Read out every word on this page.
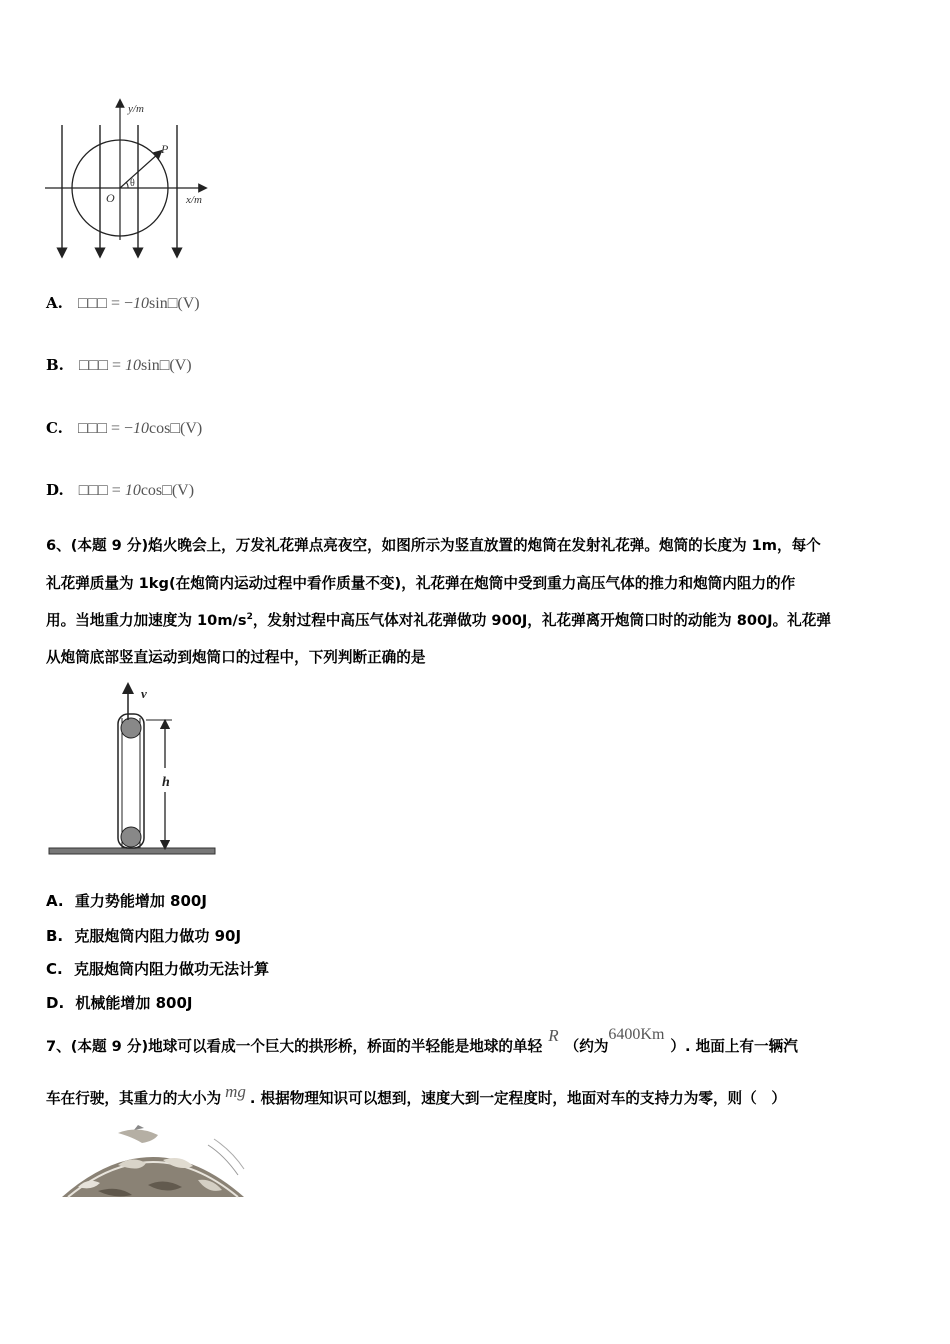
y/m
x/m
O
P
θ
A. □□□ = −10sin□(V)
B. □□□ = 10sin□(V)
C. □□□ = −10cos□(V)
D. □□□ = 10cos□(V)
6、(本题 9 分)焰火晚会上，万发礼花弹点亮夜空，如图所示为竖直放置的炮筒在发射礼花弹。炮筒的长度为 1m，每个
礼花弹质量为 1kg(在炮筒内运动过程中看作质量不变)，礼花弹在炮筒中受到重力高压气体的推力和炮筒内阻力的作
用。当地重力加速度为 $10m/s^2$，发射过程中高压气体对礼花弹做功 900J，礼花弹离开炮筒口时的动能为 800J。礼花弹
从炮筒底部竖直运动到炮筒口的过程中，下列判断正确的是
v
h
A. 重力势能增加 800J
B. 克服炮筒内阻力做功 90J
C. 克服炮筒内阻力做功无法计算
D. 机械能增加 800J
7、(本题 9 分)地球可以看成一个巨大的拱形桥，桥面的半轻能是地球的单轻R（约为6400Km）. 地面上有一辆汽
车在行驶，其重力的大小为 mg . 根据物理知识可以想到，速度大到一定程度时，地面对车的支持力为零，则（　）
